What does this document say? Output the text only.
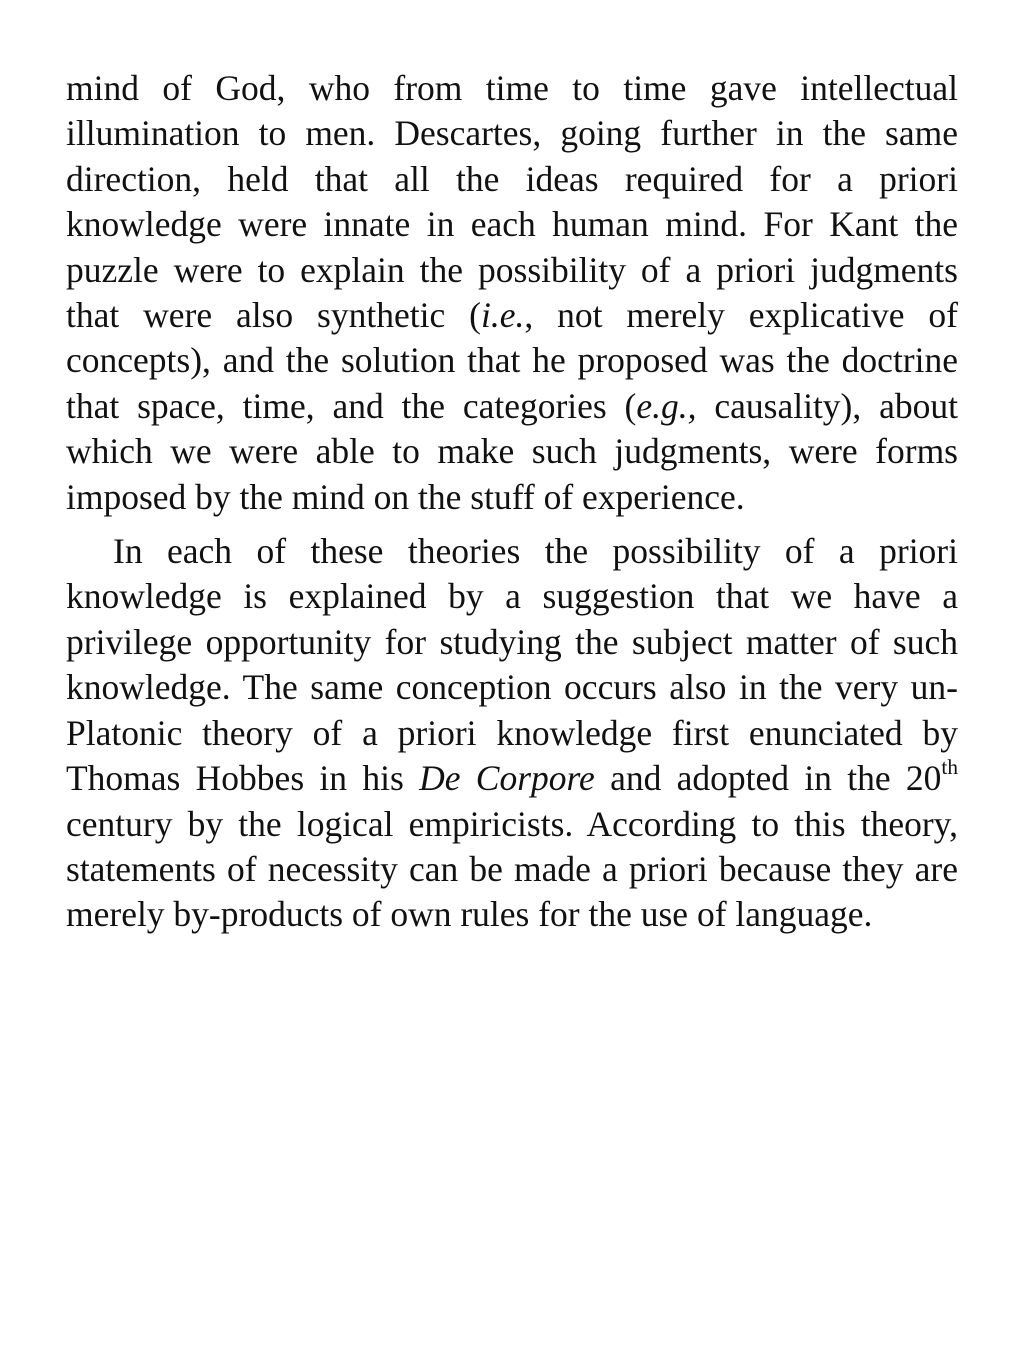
mind of God, who from time to time gave intellectual illumination to men. Descartes, going further in the same direction, held that all the ideas required for a priori knowledge were innate in each human mind. For Kant the puzzle were to explain the possibility of a priori judgments that were also synthetic (i.e., not merely explicative of concepts), and the solution that he proposed was the doctrine that space, time, and the categories (e.g., causality), about which we were able to make such judgments, were forms imposed by the mind on the stuff of experience.

In each of these theories the possibility of a priori knowledge is explained by a suggestion that we have a privilege opportunity for studying the subject matter of such knowledge. The same conception occurs also in the very un-Platonic theory of a priori knowledge first enunciated by Thomas Hobbes in his De Corpore and adopted in the 20th century by the logical empiricists. According to this theory, statements of necessity can be made a priori because they are merely by-products of own rules for the use of language.
